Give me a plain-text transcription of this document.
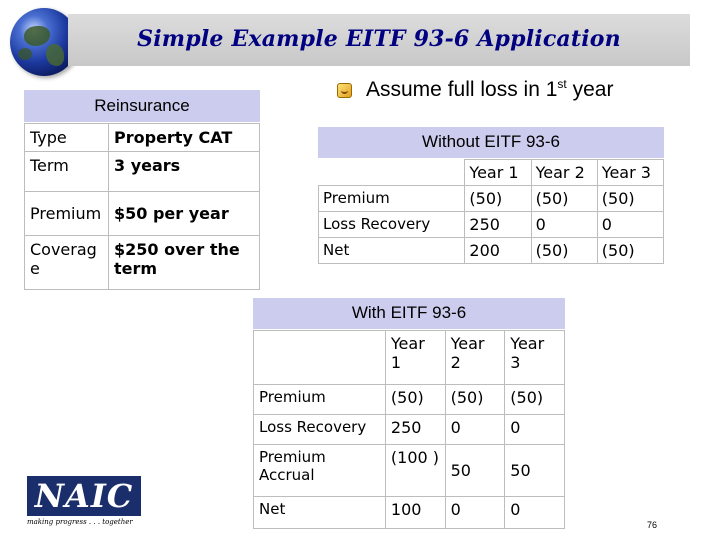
Simple Example EITF 93-6 Application
Assume full loss in 1st year
Reinsurance
Type	Property CAT
Term	3 years
Premium	$50 per year
Coverag e	$250 over the term
Without EITF 93-6
	Year 1	Year 2	Year 3
Premium	(50)	(50)	(50)
Loss Recovery	250	0	0
Net	200	(50)	(50)
With EITF 93-6
	Year 1	Year 2	Year 3
Premium	(50)	(50)	(50)
Loss Recovery	250	0	0
Premium Accrual	(100 )	50	50
Net	100	0	0
NAIC
making progress . . . together	76
